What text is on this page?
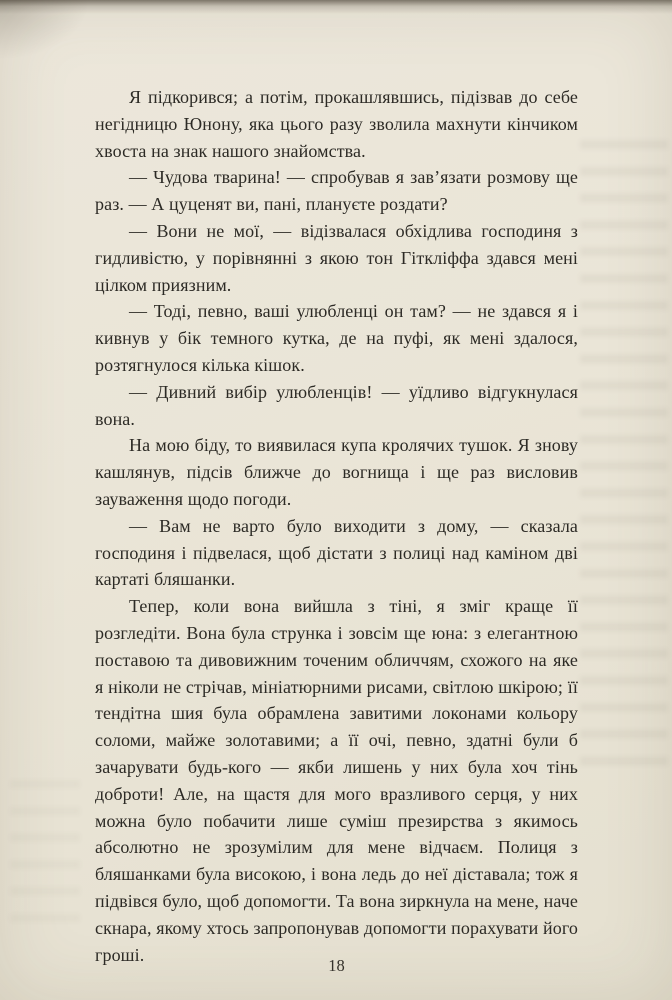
Я підкорився; а потім, прокашлявшись, підізвав до себе негідницю Юнону, яка цього разу зволила махнути кінчиком хвоста на знак нашого знайомства.

— Чудова тварина! — спробував я зав’язати розмову ще раз. — А цуценят ви, пані, плануєте роздати?

— Вони не мої, — відізвалася обхідлива господиня з гидливістю, у порівнянні з якою тон Гіткліффа здався мені цілком приязним.

— Тоді, певно, ваші улюбленці он там? — не здався я і кивнув у бік темного кутка, де на пуфі, як мені здалося, розтягнулося кілька кішок.

— Дивний вибір улюбленців! — уїдливо відгукнулася вона.

На мою біду, то виявилася купа кролячих тушок. Я знову кашлянув, підсів ближче до вогнища і ще раз висловив зауваження щодо погоди.

— Вам не варто було виходити з дому, — сказала господиня і підвелася, щоб дістати з полиці над каміном дві картаті бляшанки.

Тепер, коли вона вийшла з тіні, я зміг краще її розгледіти. Вона була струнка і зовсім ще юна: з елегантною поставою та дивовижним точеним обличчям, схожого на яке я ніколи не стрічав, мініатюрними рисами, світлою шкірою; її тендітна шия була обрамлена завитими локонами кольору соломи, майже золотавими; а її очі, певно, здатні були б зачарувати будь-кого — якби лишень у них була хоч тінь доброти! Але, на щастя для мого вразливого серця, у них можна було побачити лише суміш презирства з якимось абсолютно не зрозумілим для мене відчаєм. Полиця з бляшанками була високою, і вона ледь до неї діставала; тож я підвівся було, щоб допомогти. Та вона зиркнула на мене, наче скнара, якому хтось запропонував допомогти порахувати його гроші.

18
